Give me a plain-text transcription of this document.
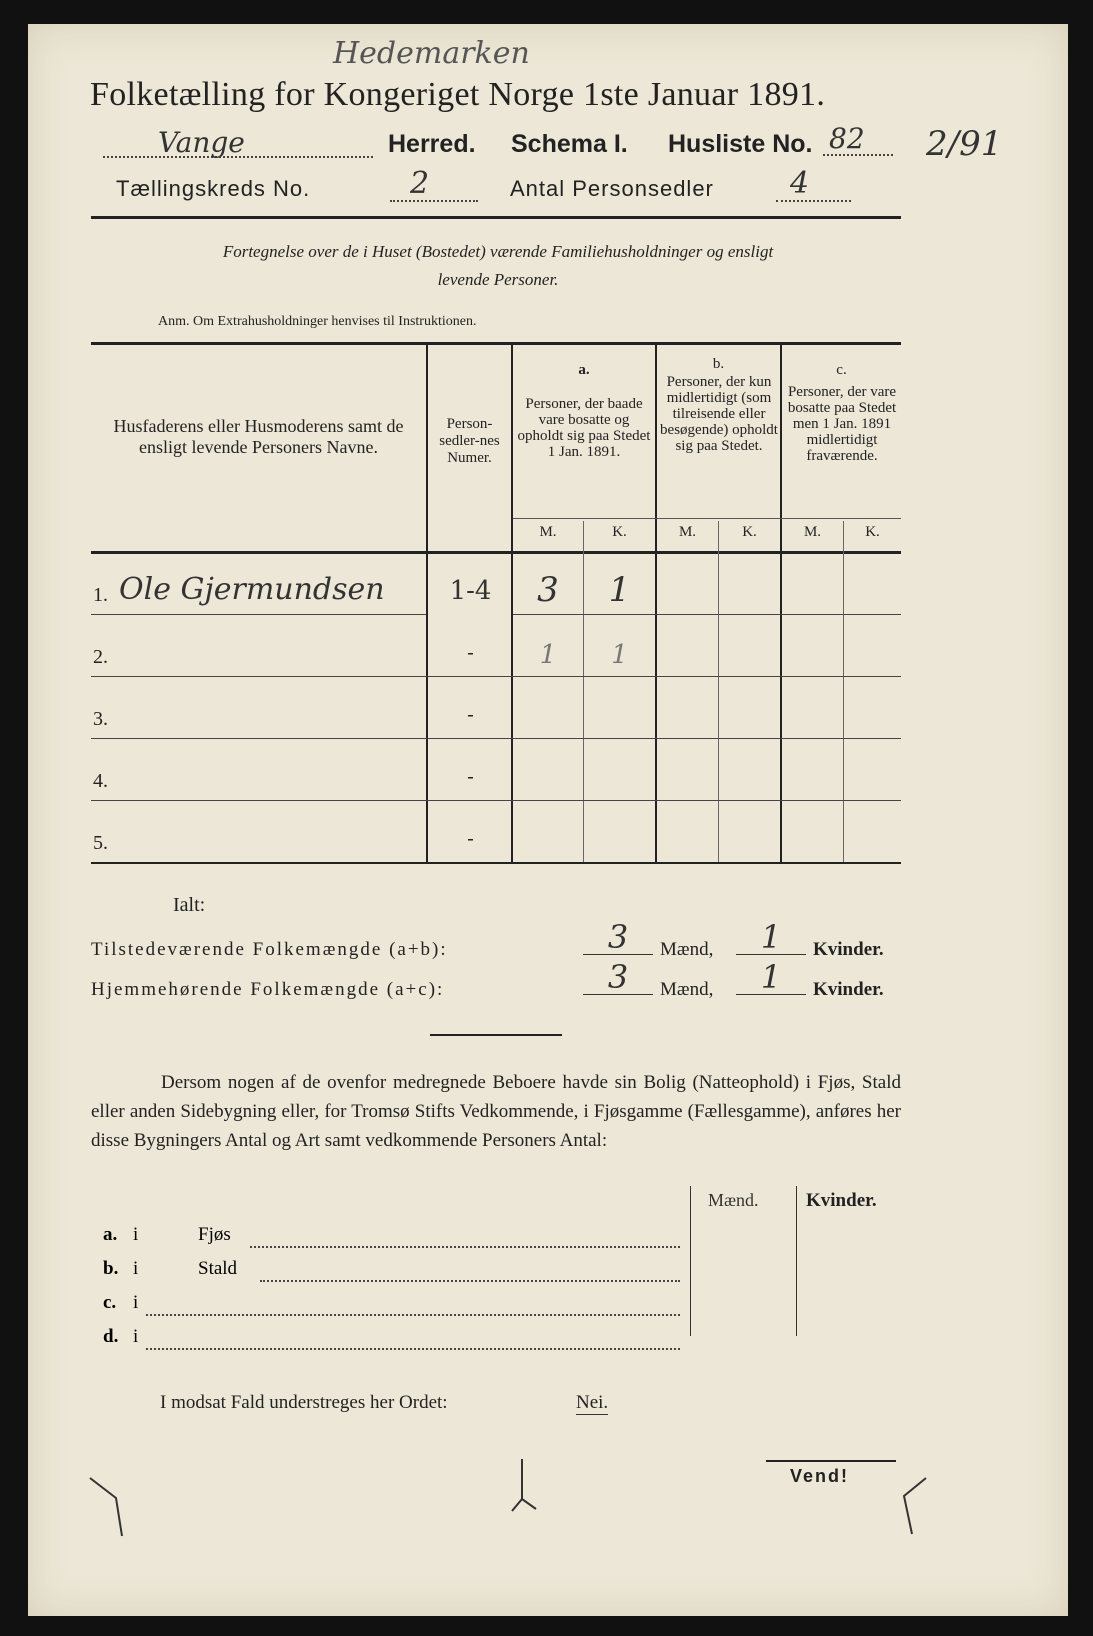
Hedemarken
Folketælling for Kongeriget Norge 1ste Januar 1891.
Vange	Herred. Schema I. Husliste No. 82 2/91
Tællingskreds No.	2	Antal Personsedler	4
Fortegnelse over de i Huset (Bostedet) værende Familiehusholdninger og ensligt
levende Personer.
Anm. Om Extrahusholdninger henvises til Instruktionen.
Husfaderens eller Husmoderens samt de ensligt levende Personers Navne.
Person-sedler-nes Numer.
a.
Personer, der baade vare bosatte og opholdt sig paa Stedet 1 Jan. 1891.
b.
Personer, der kun midlertidigt (som tilreisende eller besøgende) opholdt sig paa Stedet.
c.
Personer, der vare bosatte paa Stedet men 1 Jan. 1891 midlertidigt fraværende.
M.	K.	M.	K.	M.	K.
1. Ole Gjermundsen	1-4	3	1
2.	-	1	1
3.	-
4.	-
5.	-
Ialt:
Tilstedeværende Folkemængde (a+b):	3	Mænd,	1	Kvinder.
Hjemmehørende Folkemængde (a+c):	3	Mænd,	1	Kvinder.
Dersom nogen af de ovenfor medregnede Beboere havde sin Bolig (Natteophold) i Fjøs, Stald eller anden Sidebygning eller, for Tromsø Stifts Vedkommende, i Fjøsgamme (Fællesgamme), anføres her disse Bygningers Antal og Art samt vedkommende Personers Antal:
Mænd. Kvinder.
a. i	Fjøs
b. i	Stald
c. i
d. i
I modsat Fald understreges her Ordet:	Nei.
Vend!
